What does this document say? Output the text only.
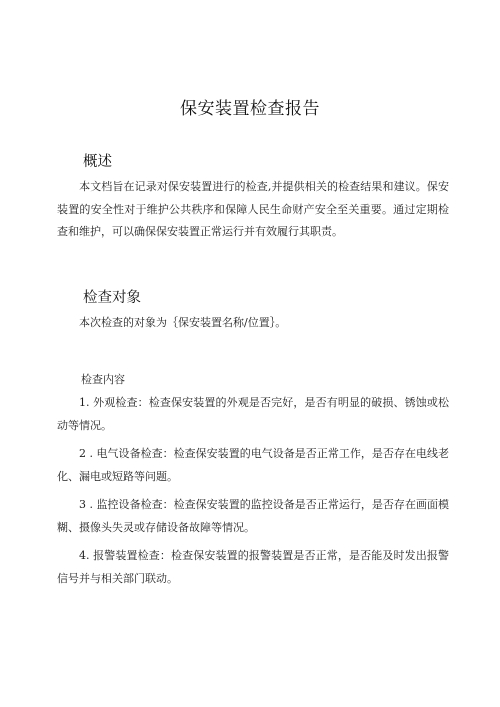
保安装置检查报告
概述
本文档旨在记录对保安装置进行的检查,并提供相关的检查结果和建议。保安装置的安全性对于维护公共秩序和保障人民生命财产安全至关重要。通过定期检查和维护，可以确保保安装置正常运行并有效履行其职责。
检查对象
本次检查的对象为｛保安装置名称/位置｝。
检查内容
1. 外观检查：检查保安装置的外观是否完好，是否有明显的破损、锈蚀或松动等情况。
2 . 电气设备检查：检查保安装置的电气设备是否正常工作，是否存在电线老化、漏电或短路等问题。
3 . 监控设备检查：检查保安装置的监控设备是否正常运行，是否存在画面模糊、摄像头失灵或存储设备故障等情况。
4. 报警装置检查：检查保安装置的报警装置是否正常，是否能及时发出报警信号并与相关部门联动。
